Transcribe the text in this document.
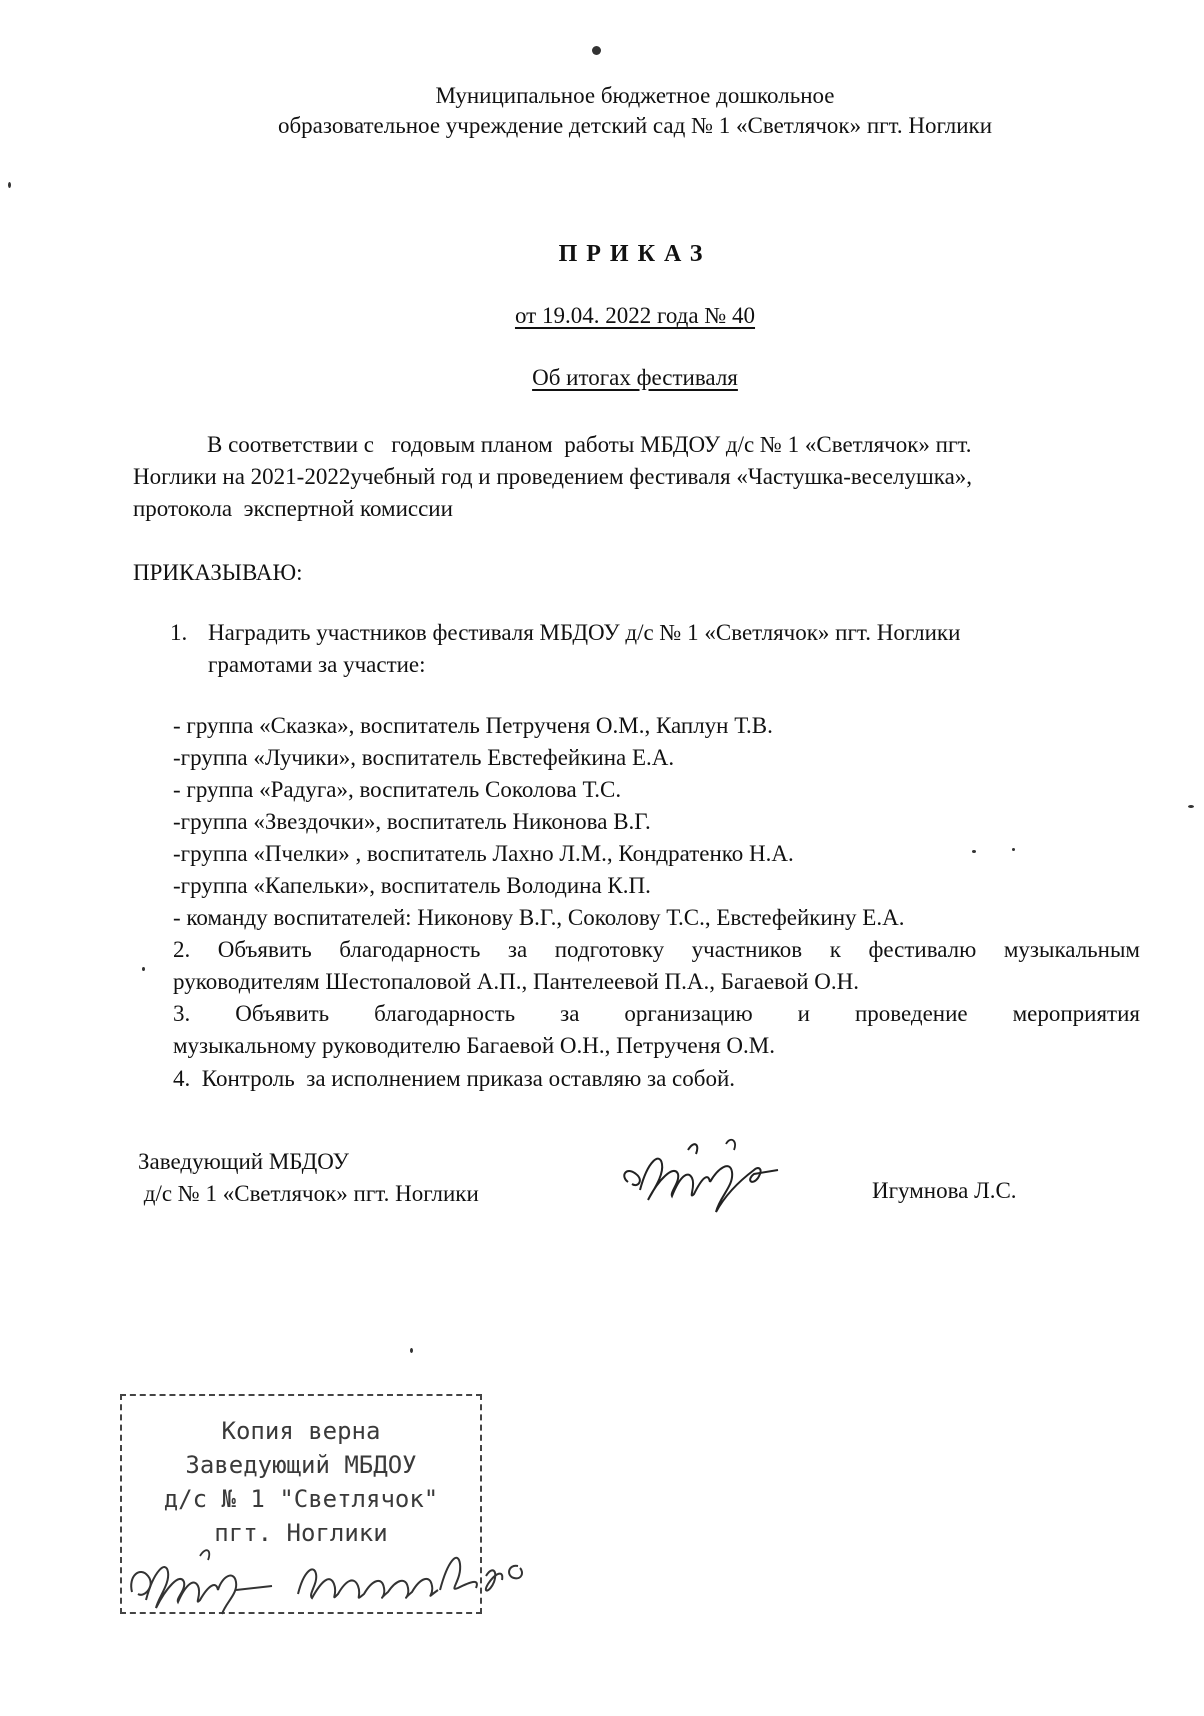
Муниципальное бюджетное дошкольное
образовательное учреждение детский сад № 1 «Светлячок» пгт. Ноглики
ПРИКАЗ
от 19.04. 2022 года № 40
Об итогах фестиваля
В соответствии с   годовым планом  работы МБДОУ д/с № 1 «Светлячок» пгт.
Ноглики на 2021-2022учебный год и проведением фестиваля «Частушка-веселушка»,
протокола  экспертной комиссии
ПРИКАЗЫВАЮ:
1. Наградить участников фестиваля МБДОУ д/с № 1 «Светлячок» пгт. Ноглики
грамотами за участие:
- группа «Сказка», воспитатель Петрученя О.М., Каплун Т.В.
-группа «Лучики», воспитатель Евстефейкина Е.А.
- группа «Радуга», воспитатель Соколова Т.С.
-группа «Звездочки», воспитатель Никонова В.Г.
-группа «Пчелки» , воспитатель Лахно Л.М., Кондратенко Н.А.
-группа «Капельки», воспитатель Володина К.П.
- команду воспитателей: Никонову В.Г., Соколову Т.С., Евстефейкину Е.А.
2. Объявить благодарность за подготовку участников к фестивалю музыкальным
руководителям Шестопаловой А.П., Пантелеевой П.А., Багаевой О.Н.
3. Объявить благодарность за организацию и проведение мероприятия
музыкальному руководителю Багаевой О.Н., Петрученя О.М.
4.  Контроль  за исполнением приказа оставляю за собой.
Заведующий МБДОУ
д/с № 1 «Светлячок» пгт. Ноглики	Игумнова Л.С.
Копия верна
Заведующий МБДОУ
д/с № 1 "Светлячок"
пгт. Ноглики
